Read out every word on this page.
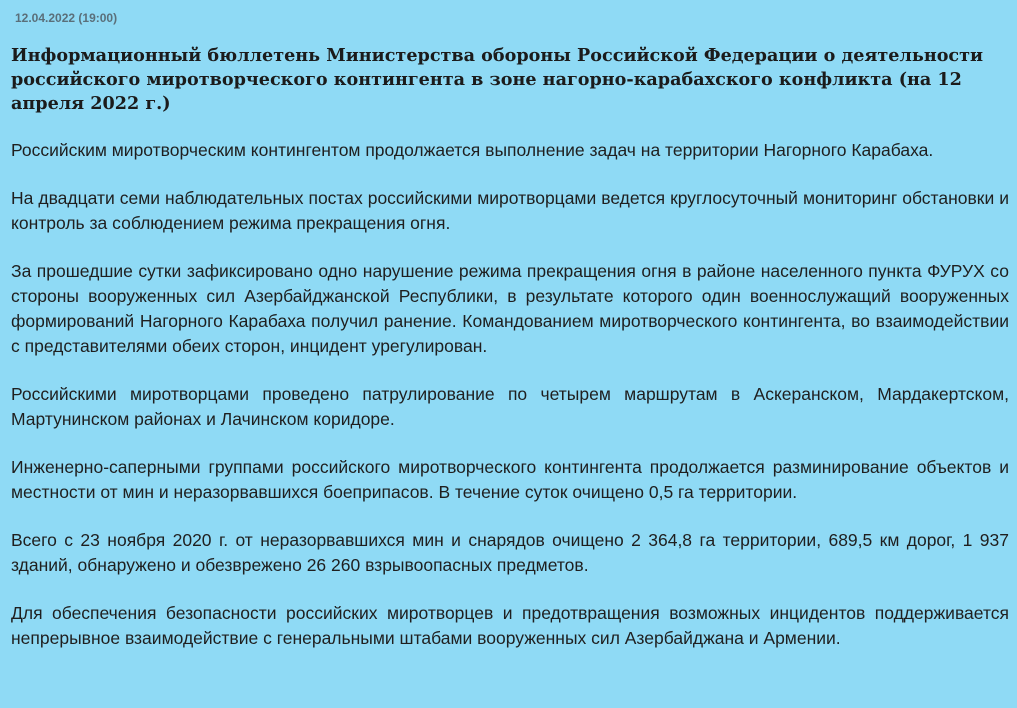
12.04.2022 (19:00)
Информационный бюллетень Министерства обороны Российской Федерации о деятельности российского миротворческого контингента в зоне нагорно-карабахского конфликта (на 12 апреля 2022 г.)
Российским миротворческим контингентом продолжается выполнение задач на территории Нагорного Карабаха.
На двадцати семи наблюдательных постах российскими миротворцами ведется круглосуточный мониторинг обстановки и контроль за соблюдением режима прекращения огня.
За прошедшие сутки зафиксировано одно нарушение режима прекращения огня в районе населенного пункта ФУРУХ со стороны вооруженных сил Азербайджанской Республики, в результате которого один военнослужащий вооруженных формирований Нагорного Карабаха получил ранение. Командованием миротворческого контингента, во взаимодействии с представителями обеих сторон, инцидент урегулирован.
Российскими миротворцами проведено патрулирование по четырем маршрутам в Аскеранском, Мардакертском, Мартунинском районах и Лачинском коридоре.
Инженерно-саперными группами российского миротворческого контингента продолжается разминирование объектов и местности от мин и неразорвавшихся боеприпасов. В течение суток очищено 0,5 га территории.
Всего с 23 ноября 2020 г. от неразорвавшихся мин и снарядов очищено 2 364,8 га территории, 689,5 км дорог, 1 937 зданий, обнаружено и обезврежено 26 260 взрывоопасных предметов.
Для обеспечения безопасности российских миротворцев и предотвращения возможных инцидентов поддерживается непрерывное взаимодействие с генеральными штабами вооруженных сил Азербайджана и Армении.
